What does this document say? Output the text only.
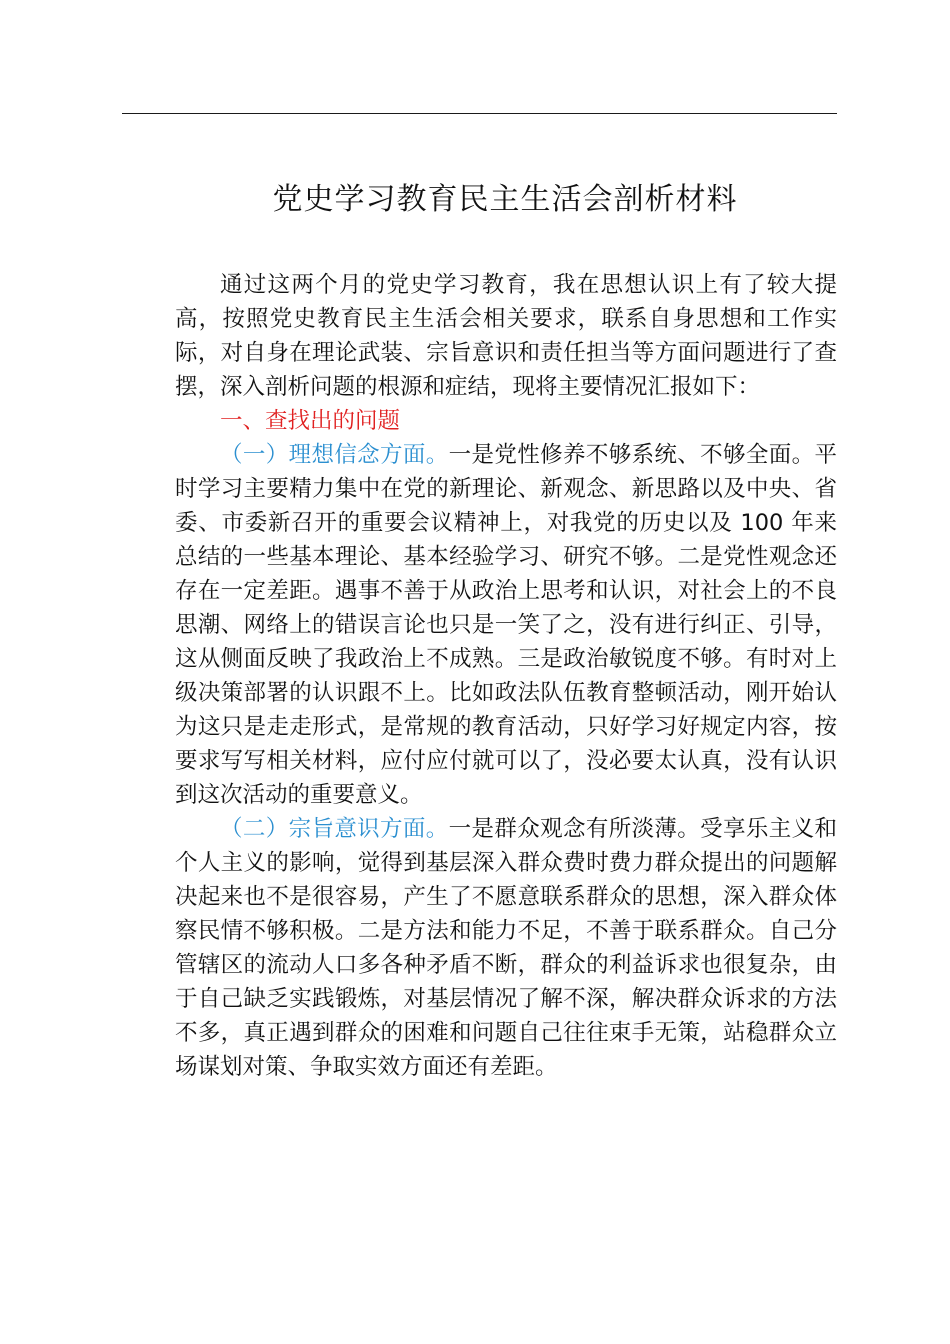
党史学习教育民主生活会剖析材料

通过这两个月的党史学习教育，我在思想认识上有了较大提高，按照党史教育民主生活会相关要求，联系自身思想和工作实际，对自身在理论武装、宗旨意识和责任担当等方面问题进行了查摆，深入剖析问题的根源和症结，现将主要情况汇报如下：

一、查找出的问题

（一）理想信念方面。一是党性修养不够系统、不够全面。平时学习主要精力集中在党的新理论、新观念、新思路以及中央、省委、市委新召开的重要会议精神上，对我党的历史以及 100 年来总结的一些基本理论、基本经验学习、研究不够。二是党性观念还存在一定差距。遇事不善于从政治上思考和认识，对社会上的不良思潮、网络上的错误言论也只是一笑了之，没有进行纠正、引导，这从侧面反映了我政治上不成熟。三是政治敏锐度不够。有时对上级决策部署的认识跟不上。比如政法队伍教育整顿活动，刚开始认为这只是走走形式，是常规的教育活动，只好学习好规定内容，按要求写写相关材料，应付应付就可以了，没必要太认真，没有认识到这次活动的重要意义。

（二）宗旨意识方面。一是群众观念有所淡薄。受享乐主义和个人主义的影响，觉得到基层深入群众费时费力群众提出的问题解决起来也不是很容易，产生了不愿意联系群众的思想，深入群众体察民情不够积极。二是方法和能力不足，不善于联系群众。自己分管辖区的流动人口多各种矛盾不断，群众的利益诉求也很复杂，由于自己缺乏实践锻炼，对基层情况了解不深，解决群众诉求的方法不多，真正遇到群众的困难和问题自己往往束手无策，站稳群众立场谋划对策、争取实效方面还有差距。
